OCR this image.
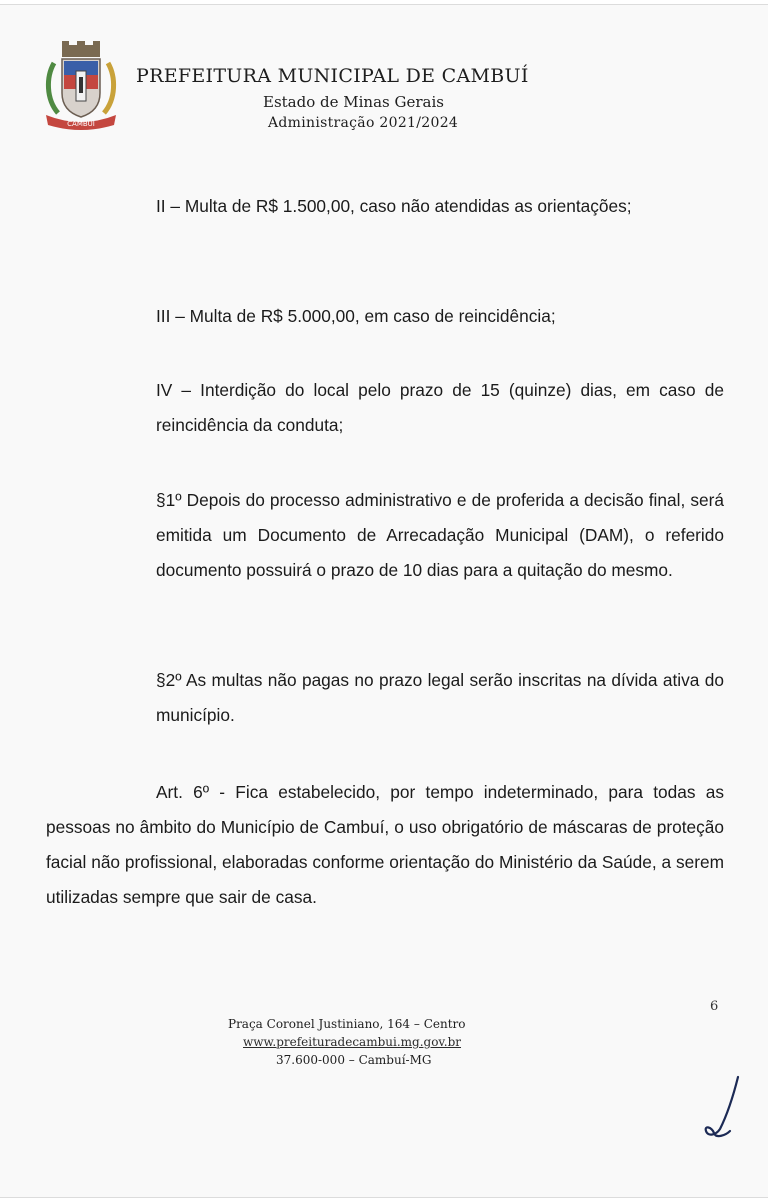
CAMBUÍ
PREFEITURA MUNICIPAL DE CAMBUÍ
Estado de Minas Gerais
Administração 2021/2024
II – Multa de R$ 1.500,00, caso não atendidas as orientações;
III – Multa de R$ 5.000,00, em caso de reincidência;
IV – Interdição do local pelo prazo de 15 (quinze) dias, em caso de reincidência da conduta;
§1º Depois do processo administrativo e de proferida a decisão final, será emitida um Documento de Arrecadação Municipal (DAM), o referido documento possuirá o prazo de 10 dias para a quitação do mesmo.
§2º As multas não pagas no prazo legal serão inscritas na dívida ativa do município.
Art. 6º - Fica estabelecido, por tempo indeterminado, para todas as pessoas no âmbito do Município de Cambuí, o uso obrigatório de máscaras de proteção facial não profissional, elaboradas conforme orientação do Ministério da Saúde, a serem utilizadas sempre que sair de casa.
6
Praça Coronel Justiniano, 164 – Centro
www.prefeituradecambui.mg.gov.br
37.600-000 – Cambuí-MG
